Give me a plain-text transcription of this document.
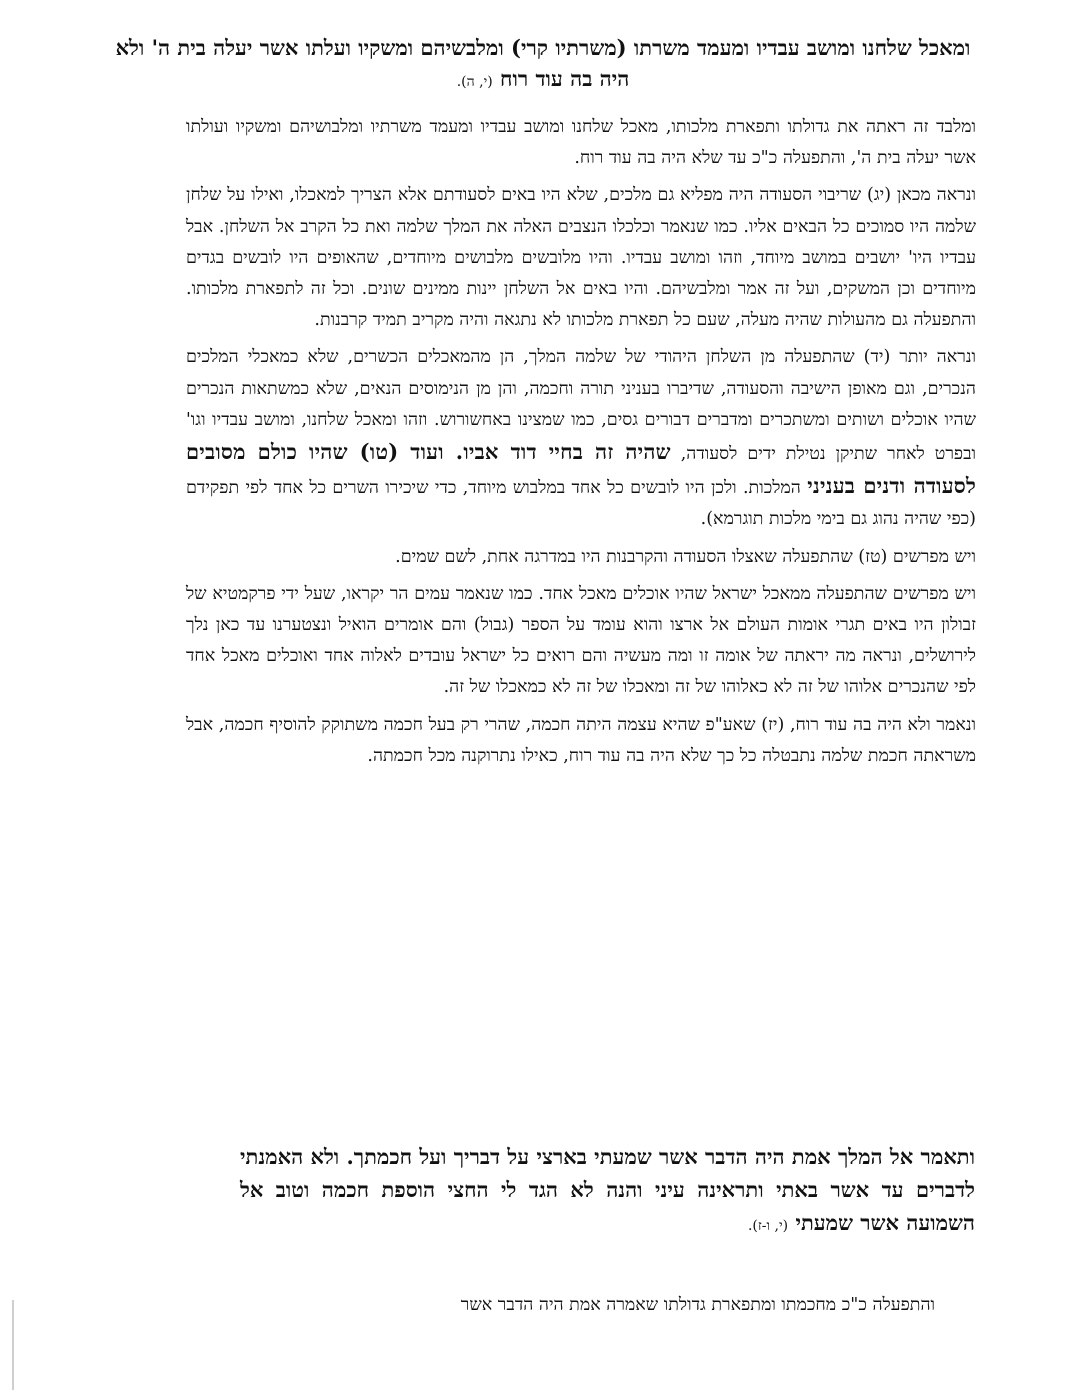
ומאכל שלחנו ומושב עבדיו ומעמד משרתו (משרתיו קרי) ומלבשיהם ומשקיו ועלתו אשר יעלה בית ה' ולא היה בה עוד רוח (י, ה).

ומלבד זה ראתה את גדולתו ותפארת מלכותו, מאכל שלחנו ומושב עבדיו ומעמד משרתיו ומלבושיהם ומשקיו ועולתו אשר יעלה בית ה', והתפעלה כ"כ עד שלא היה בה עוד רוח.

ונראה מכאן (יג) שריבוי הסעודה היה מפליא גם מלכים, שלא היו באים לסעודתם אלא הצריך למאכלו, ואילו על שלחן שלמה היו סמוכים כל הבאים אליו. כמו שנאמר וכלכלו הנצבים האלה את המלך שלמה ואת כל הקרב אל השלחן. אבל עבדיו היו' יושבים במושב מיוחד, וזהו ומושב עבדיו. והיו מלובשים מלבושים מיוחדים, שהאופים היו לובשים בגדים מיוחדים וכן המשקים, ועל זה אמר ומלבשיהם. והיו באים אל השלחן יינות ממינים שונים. וכל זה לתפארת מלכותו. והתפעלה גם מהעולות שהיה מעלה, שעם כל תפארת מלכותו לא נתגאה והיה מקריב תמיד קרבנות.

ונראה יותר (יד) שהתפעלה מן השלחן היהודי של שלמה המלך, הן מהמאכלים הכשרים, שלא כמאכלי המלכים הנכרים, וגם מאופן הישיבה והסעודה, שדיברו בעניני תורה וחכמה, והן מן הנימוסים הנאים, שלא כמשתאות הנכרים שהיו אוכלים ושותים ומשתכרים ומדברים דבורים גסים, כמו שמצינו באחשורוש. וזהו ומאכל שלחנו, ומושב עבדיו וגו' ובפרט לאחר שתיקן נטילת ידים לסעודה, שהיה זה בחיי דוד אביו. ועוד (טו) שהיו כולם מסובים לסעודה ודנים בעניני המלכות. ולכן היו לובשים כל אחד במלבוש מיוחד, כדי שיכירו השרים כל אחד לפי תפקידם (כפי שהיה נהוג גם בימי מלכות תוגרמא).

ויש מפרשים (טז) שהתפעלה שאצלו הסעודה והקרבנות היו במדרגה אחת, לשם שמים.

ויש מפרשים שהתפעלה ממאכל ישראל שהיו אוכלים מאכל אחד. כמו שנאמר עמים הר יקראו, שעל ידי פרקמטיא של זבולון היו באים תגרי אומות העולם אל ארצו והוא עומד על הספר (גבול) והם אומרים הואיל ונצטערנו עד כאן נלך לירושלים, ונראה מה יראתה של אומה זו ומה מעשיה והם רואים כל ישראל עובדים לאלוה אחד ואוכלים מאכל אחד לפי שהנכרים אלוהו של זה לא כאלוהו של זה ומאכלו של זה לא כמאכלו של זה.

ונאמר ולא היה בה עוד רוח, (יז) שאע"פ שהיא עצמה היתה חכמה, שהרי רק בעל חכמה משתוקק להוסיף חכמה, אבל משראתה חכמת שלמה נתבטלה כל כך שלא היה בה עוד רוח, כאילו נתרוקנה מכל חכמתה.

ותאמר אל המלך אמת היה הדבר אשר שמעתי בארצי על דבריך ועל חכמתך. ולא האמנתי לדברים עד אשר באתי ותראינה עיני והנה לא הגד לי החצי הוספת חכמה וטוב אל השמועה אשר שמעתי (י, ו-ז).
והתפעלה כ"כ מחכמתו ומתפארת גדולתו שאמרה אמת היה הדבר אשר
